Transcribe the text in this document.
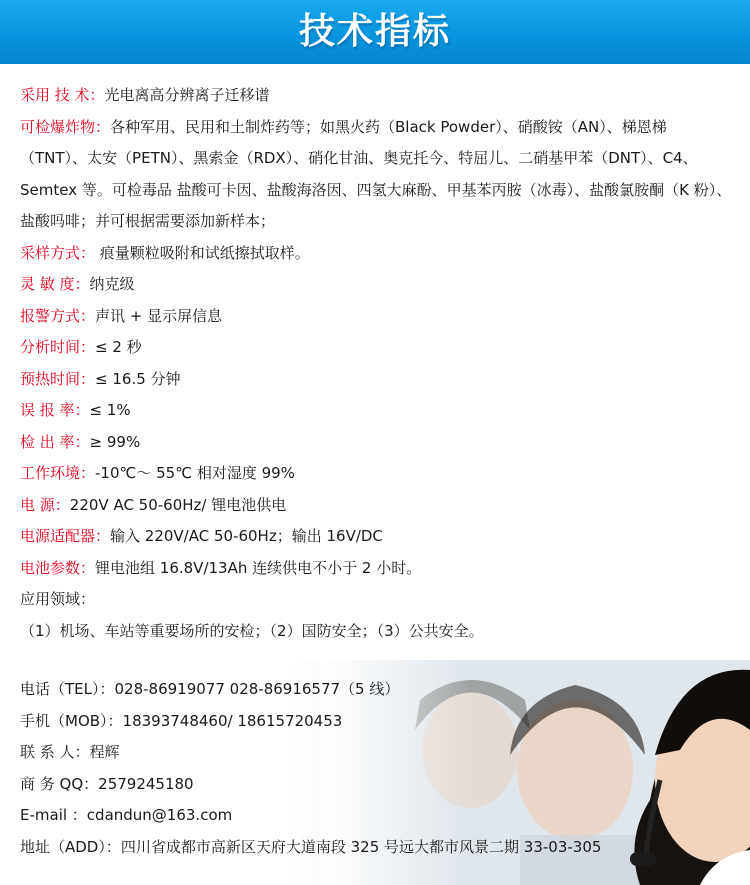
技术指标
采用 技 术：光电离高分辨离子迁移谱
可检爆炸物：各种军用、民用和土制炸药等；如黑火药（Black Powder）、硝酸铵（AN）、梯恩梯（TNT）、太安（PETN）、黑索金（RDX）、硝化甘油、奥克托今、特屈儿、二硝基甲苯（DNT）、C4、Semtex 等。可检毒品 盐酸可卡因、盐酸海洛因、四氢大麻酚、甲基苯丙胺（冰毒）、盐酸氯胺酮（K 粉）、盐酸吗啡；并可根据需要添加新样本；
采样方式： 痕量颗粒吸附和试纸擦拭取样。
灵 敏 度：纳克级
报警方式：声讯 + 显示屏信息
分析时间：≤ 2 秒
预热时间：≤ 16.5 分钟
误 报 率：≤ 1%
检 出 率：≥ 99%
工作环境：-10℃～ 55℃ 相对湿度 99%
电 源：220V AC 50-60Hz/ 锂电池供电
电源适配器：输入 220V/AC 50-60Hz；输出 16V/DC
电池参数：锂电池组 16.8V/13Ah 连续供电不小于 2 小时。
应用领域：
（1）机场、车站等重要场所的安检；（2）国防安全；（3）公共安全。
电话（TEL）：028-86919077 028-86916577（5 线）
手机（MOB）：18393748460/ 18615720453
联 系 人：程辉
商 务 QQ：2579245180
E-mail ：cdandun@163.com
地址（ADD）：四川省成都市高新区天府大道南段 325 号远大都市风景二期 33-03-305
